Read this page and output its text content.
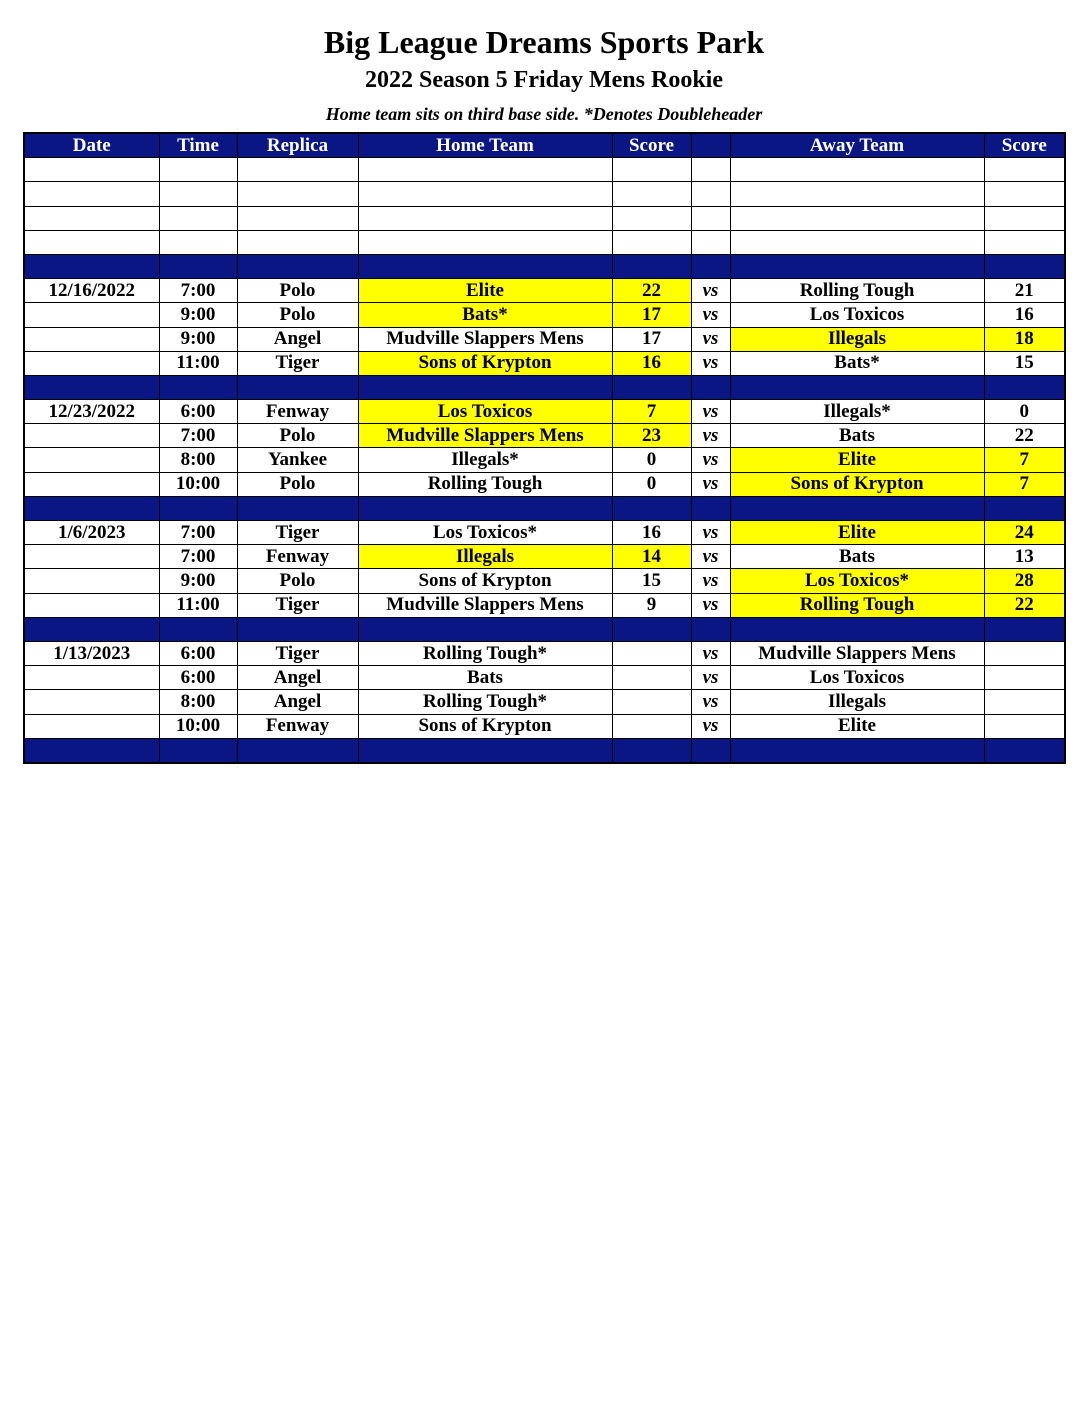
Big League Dreams Sports Park
2022 Season 5 Friday Mens Rookie
Home team sits on third base side. *Denotes Doubleheader
Date	Time	Replica	Home Team	Score		Away Team	Score

12/16/2022	7:00	Polo	Elite	22	vs	Rolling Tough	21
	9:00	Polo	Bats*	17	vs	Los Toxicos	16
	9:00	Angel	Mudville Slappers Mens	17	vs	Illegals	18
	11:00	Tiger	Sons of Krypton	16	vs	Bats*	15

12/23/2022	6:00	Fenway	Los Toxicos	7	vs	Illegals*	0
	7:00	Polo	Mudville Slappers Mens	23	vs	Bats	22
	8:00	Yankee	Illegals*	0	vs	Elite	7
	10:00	Polo	Rolling Tough	0	vs	Sons of Krypton	7

1/6/2023	7:00	Tiger	Los Toxicos*	16	vs	Elite	24
	7:00	Fenway	Illegals	14	vs	Bats	13
	9:00	Polo	Sons of Krypton	15	vs	Los Toxicos*	28
	11:00	Tiger	Mudville Slappers Mens	9	vs	Rolling Tough	22

1/13/2023	6:00	Tiger	Rolling Tough*		vs	Mudville Slappers Mens	
	6:00	Angel	Bats		vs	Los Toxicos	
	8:00	Angel	Rolling Tough*		vs	Illegals	
	10:00	Fenway	Sons of Krypton		vs	Elite	
